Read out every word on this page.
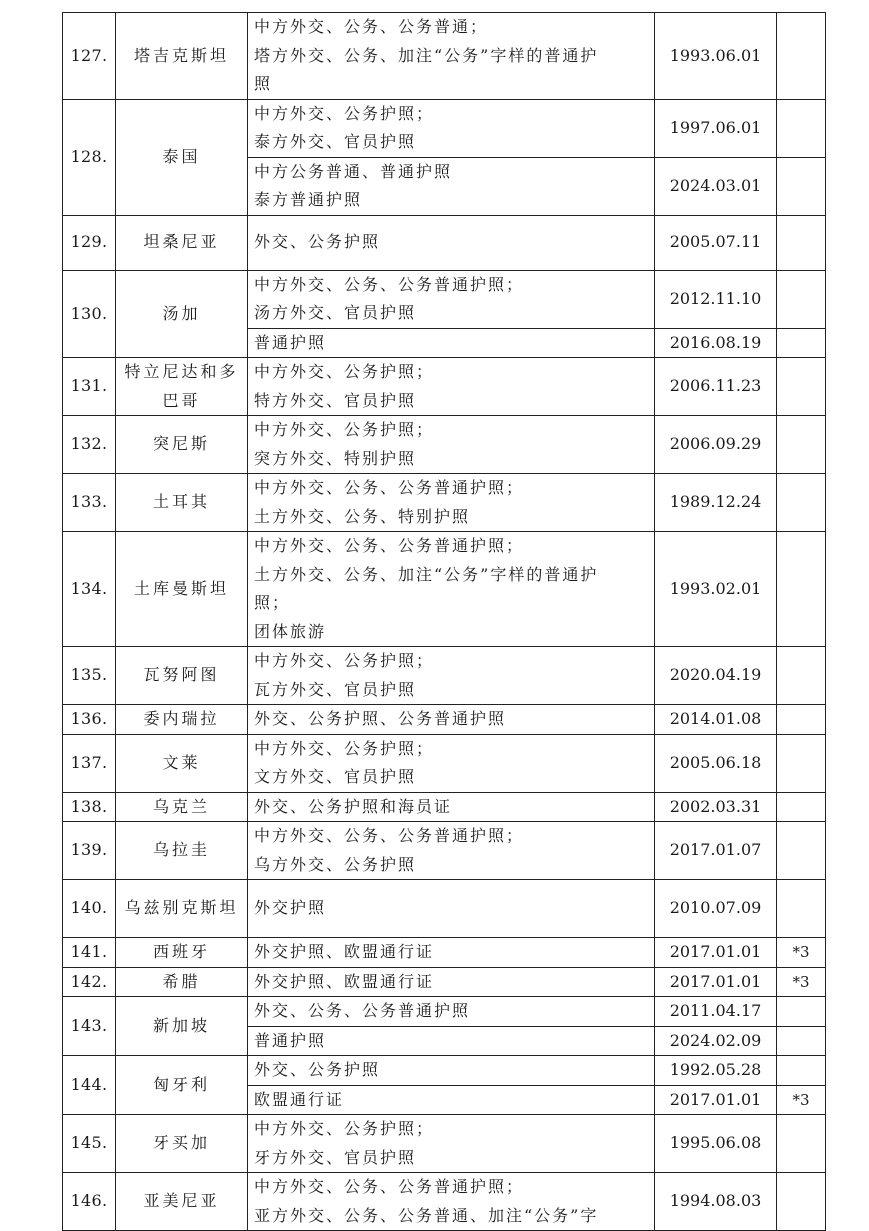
127.	塔吉克斯坦	中方外交、公务、公务普通；
塔方外交、公务、加注“公务”字样的普通护
照	1993.06.01	
128.	泰国	中方外交、公务护照；
泰方外交、官员护照	1997.06.01	

		中方公务普通、普通护照
泰方普通护照	2024.03.01	
129.	坦桑尼亚	外交、公务护照	2005.07.11	
130.	汤加	中方外交、公务、公务普通护照；
汤方外交、官员护照	2012.11.10	

		普通护照	2016.08.19	
131.	特立尼达和多巴哥	中方外交、公务护照；
特方外交、官员护照	2006.11.23	
132.	突尼斯	中方外交、公务护照；
突方外交、特别护照	2006.09.29	
133.	土耳其	中方外交、公务、公务普通护照；
土方外交、公务、特别护照	1989.12.24	
134.	土库曼斯坦	中方外交、公务、公务普通护照；
土方外交、公务、加注“公务”字样的普通护
照；
团体旅游	1993.02.01	
135.	瓦努阿图	中方外交、公务护照；
瓦方外交、官员护照	2020.04.19	
136.	委内瑞拉	外交、公务护照、公务普通护照	2014.01.08	
137.	文莱	中方外交、公务护照；
文方外交、官员护照	2005.06.18	
138.	乌克兰	外交、公务护照和海员证	2002.03.31	
139.	乌拉圭	中方外交、公务、公务普通护照；
乌方外交、公务护照	2017.01.07	
140.	乌兹别克斯坦	外交护照	2010.07.09	
141.	西班牙	外交护照、欧盟通行证	2017.01.01	*3
142.	希腊	外交护照、欧盟通行证	2017.01.01	*3
143.	新加坡	外交、公务、公务普通护照	2011.04.17	

		普通护照	2024.02.09	
144.	匈牙利	外交、公务护照	1992.05.28	

		欧盟通行证	2017.01.01	*3
145.	牙买加	中方外交、公务护照；
牙方外交、官员护照	1995.06.08	
146.	亚美尼亚	中方外交、公务、公务普通护照；
亚方外交、公务、公务普通、加注“公务”字	1994.08.03	
